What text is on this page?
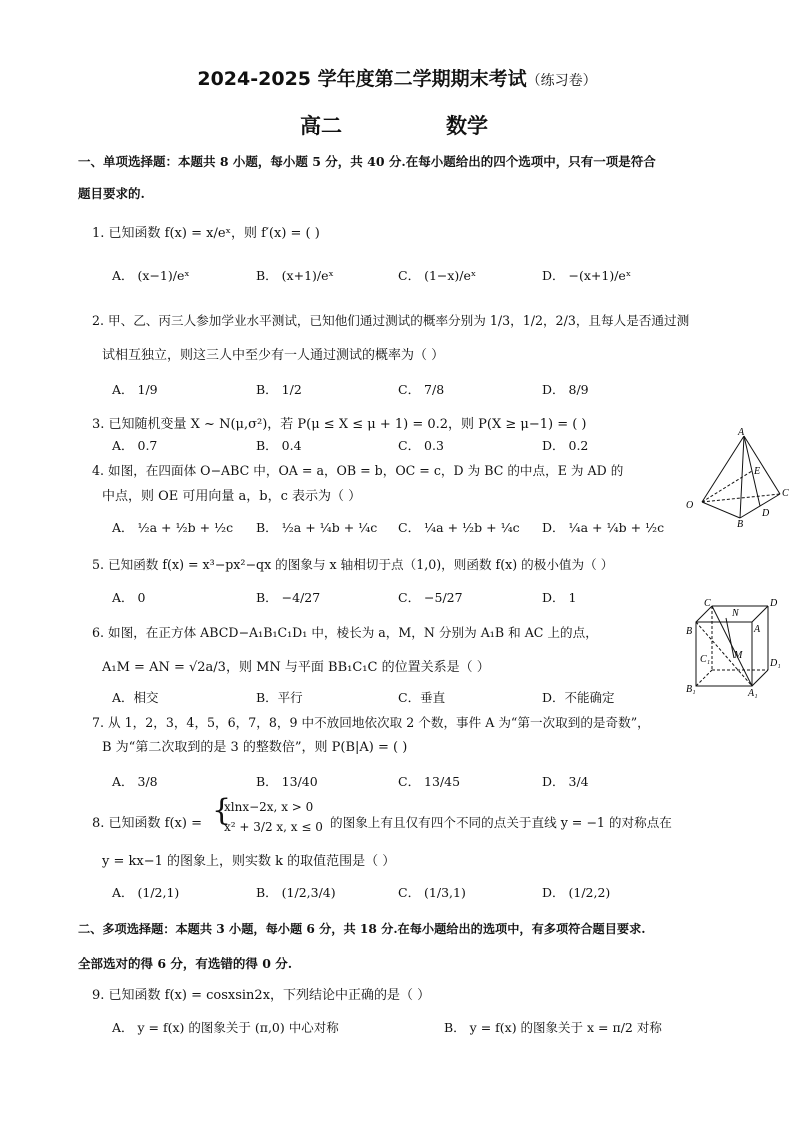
2024-2025 学年度第二学期期末考试（练习卷）
高二	数学
一、单项选择题：本题共 8 小题，每小题 5 分，共 40 分.在每小题给出的四个选项中，只有一项是符合
题目要求的.
1. 已知函数 f(x) = x/eˣ，则 f′(x) = ( )
A． (x−1)/eˣ	B． (x+1)/eˣ	C． (1−x)/eˣ	D． −(x+1)/eˣ
2. 甲、乙、丙三人参加学业水平测试，已知他们通过测试的概率分别为 1/3，1/2，2/3，且每人是否通过测
试相互独立，则这三人中至少有一人通过测试的概率为（ ）
A． 1/9	B． 1/2	C． 7/8	D． 8/9
3. 已知随机变量 X ~ N(μ,σ²)，若 P(μ ≤ X ≤ μ + 1) = 0.2，则 P(X ≥ μ−1) = ( )
A． 0.7	B． 0.4	C． 0.3	D． 0.2
4. 如图，在四面体 O−ABC 中，OA = a，OB = b，OC = c，D 为 BC 的中点，E 为 AD 的
中点，则 OE 可用向量 a，b，c 表示为（ ）
A． ½a + ½b + ½c B． ½a + ¼b + ¼c C． ¼a + ½b + ¼c D． ¼a + ¼b + ½c
A
O
B
C
D
E
5. 已知函数 f(x) = x³−px²−qx 的图象与 x 轴相切于点（1,0)，则函数 f(x) 的极小值为（ ）
A． 0	B． −4/27	C． −5/27	D． 1
6. 如图，在正方体 ABCD−A₁B₁C₁D₁ 中，棱长为 a，M，N 分别为 A₁B 和 AC 上的点，
A₁M = AN = √2a/3，则 MN 与平面 BB₁C₁C 的位置关系是（ ）
A．相交	B．平行	C．垂直	D．不能确定
C
N
D
B	A
C₁ M
D₁
B₁	A₁
7. 从 1，2，3，4，5，6，7，8，9 中不放回地依次取 2 个数，事件 A 为“第一次取到的是奇数”，
B 为“第二次取到的是 3 的整数倍”，则 P(B|A) = ( )
A． 3/8	B． 13/40	C． 13/45	D． 3/4
8. 已知函数 f(x) = {
xlnx−2x, x > 0
x² + 3/2 x, x ≤ 0 的图象上有且仅有四个不同的点关于直线 y = −1 的对称点在
y = kx−1 的图象上，则实数 k 的取值范围是（ ）
A． (1/2,1)	B． (1/2,3/4)	C． (1/3,1)	D． (1/2,2)
二、多项选择题：本题共 3 小题，每小题 6 分，共 18 分.在每小题给出的选项中，有多项符合题目要求.
全部选对的得 6 分，有选错的得 0 分.
9. 已知函数 f(x) = cosxsin2x，下列结论中正确的是（ ）
A． y = f(x) 的图象关于 (π,0) 中心对称	B． y = f(x) 的图象关于 x = π/2 对称
